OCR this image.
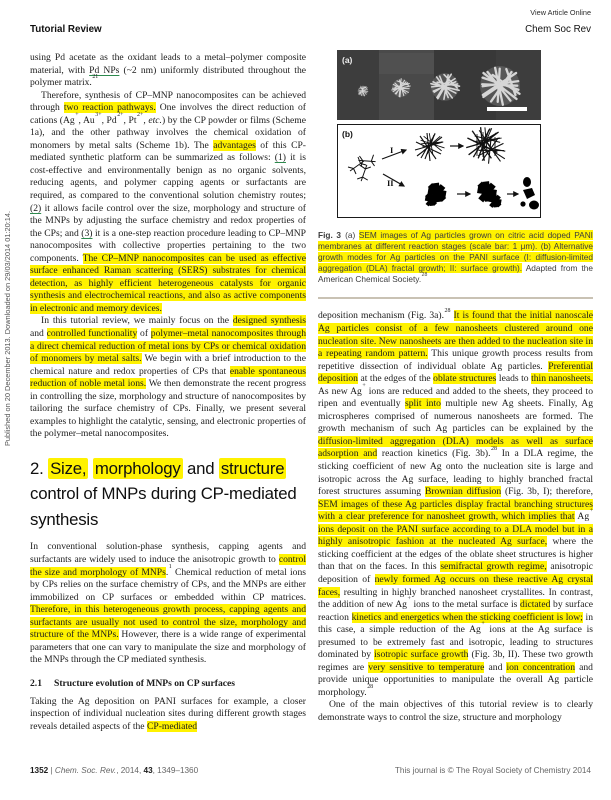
View Article Online
Tutorial Review	Chem Soc Rev
Published on 20 December 2013. Downloaded on 29/03/2014 01:20:14.

using Pd acetate as the oxidant leads to a metal–polymer composite material, with Pd NPs (~2 nm) uniformly distributed throughout the polymer matrix.$^{21}$

Therefore, synthesis of CP–MNP nanocomposites can be achieved through two reaction pathways. One involves the direct reduction of cations (Ag+, $Au^{3+}$, $Pd^{2+}$, $Pt^{2+}$, etc.) by the CP powder or films (Scheme 1a), and the other pathway involves the chemical oxidation of monomers by metal salts (Scheme 1b). The advantages of this CP-mediated synthetic platform can be summarized as follows: (1) it is cost-effective and environmentally benign as no organic solvents, reducing agents, and polymer capping agents or surfactants are required, as compared to the conventional solution chemistry routes; (2) it allows facile control over the size, morphology and structure of the MNPs by adjusting the surface chemistry and redox properties of the CPs; and (3) it is a one-step reaction procedure leading to CP–MNP nanocomposites with collective properties pertaining to the two components. The CP–MNP nanocomposites can be used as effective surface enhanced Raman scattering (SERS) substrates for chemical detection, as highly efficient heterogeneous catalysts for organic synthesis and electrochemical reactions, and also as active components in electronic and memory devices.

In this tutorial review, we mainly focus on the designed synthesis and controlled functionality of polymer–metal nanocomposites through a direct chemical reduction of metal ions by CPs or chemical oxidation of monomers by metal salts. We begin with a brief introduction to the chemical nature and redox properties of CPs that enable spontaneous reduction of noble metal ions. We then demonstrate the recent progress in controlling the size, morphology and structure of nanocomposites by tailoring the surface chemistry of CPs. Finally, we present several examples to highlight the catalytic, sensing, and electronic properties of the polymer–metal nanocomposites.

2. Size, morphology and structure control of MNPs during CP-mediated synthesis

In conventional solution-phase synthesis, capping agents and surfactants are widely used to induce the anisotropic growth to control the size and morphology of MNPs.$^1$ Chemical reduction of metal ions by CPs relies on the surface chemistry of CPs, and the MNPs are either immobilized on CP surfaces or embedded within CP matrices. Therefore, in this heterogeneous growth process, capping agents and surfactants are usually not used to control the size, morphology and structure of the MNPs. However, there is a wide range of experimental parameters that one can vary to manipulate the size and morphology of the MNPs through the CP mediated synthesis.

2.1 Structure evolution of MNPs on CP surfaces

Taking the Ag deposition on PANI surfaces for example, a closer inspection of individual nucleation sites during different growth stages reveals detailed aspects of the CP-mediated

(a)
(b)
I
II
Fig. 3 (a) SEM images of Ag particles grown on citric acid doped PANI membranes at different reaction stages (scale bar: 1 μm). (b) Alternative growth modes for Ag particles on the PANI surface (I: diffusion-limited aggregation (DLA) fractal growth; II: surface growth). Adapted from the American Chemical Society.$^{28}$

deposition mechanism (Fig. 3a).$^{28}$ It is found that the initial nanoscale Ag particles consist of a few nanosheets clustered around one nucleation site. New nanosheets are then added to the nucleation site in a repeating random pattern. This unique growth process results from repetitive dissection of individual oblate Ag particles. Preferential deposition at the edges of the oblate structures leads to thin nanosheets. As new Ag+ ions are reduced and added to the sheets, they proceed to ripen and eventually split into multiple new Ag sheets. Finally, Ag microspheres comprised of numerous nanosheets are formed. The growth mechanism of such Ag particles can be explained by the diffusion-limited aggregation (DLA) models as well as surface adsorption and reaction kinetics (Fig. 3b).$^{28}$ In a DLA regime, the sticking coefficient of new Ag onto the nucleation site is large and isotropic across the Ag surface, leading to highly branched fractal forest structures assuming Brownian diffusion (Fig. 3b, I); therefore, SEM images of these Ag particles display fractal branching structures with a clear preference for nanosheet growth, which implies that Ag+ ions deposit on the PANI surface according to a DLA model but in a highly anisotropic fashion at the nucleated Ag surface, where the sticking coefficient at the edges of the oblate sheet structures is higher than that on the faces. In this semifractal growth regime, anisotropic deposition of newly formed Ag occurs on these reactive Ag crystal faces, resulting in highly branched nanosheet crystallites. In contrast, the addition of new Ag+ ions to the metal surface is dictated by surface reaction kinetics and energetics when the sticking coefficient is low; in this case, a simple reduction of the Ag+ ions at the Ag surface is presumed to be extremely fast and isotropic, leading to structures dominated by isotropic surface growth (Fig. 3b, II). These two growth regimes are very sensitive to temperature and ion concentration and provide unique opportunities to manipulate the overall Ag particle morphology.$^{28}$

One of the main objectives of this tutorial review is to clearly demonstrate ways to control the size, structure and morphology

1352 | Chem. Soc. Rev., 2014, 43, 1349–1360	This journal is © The Royal Society of Chemistry 2014
